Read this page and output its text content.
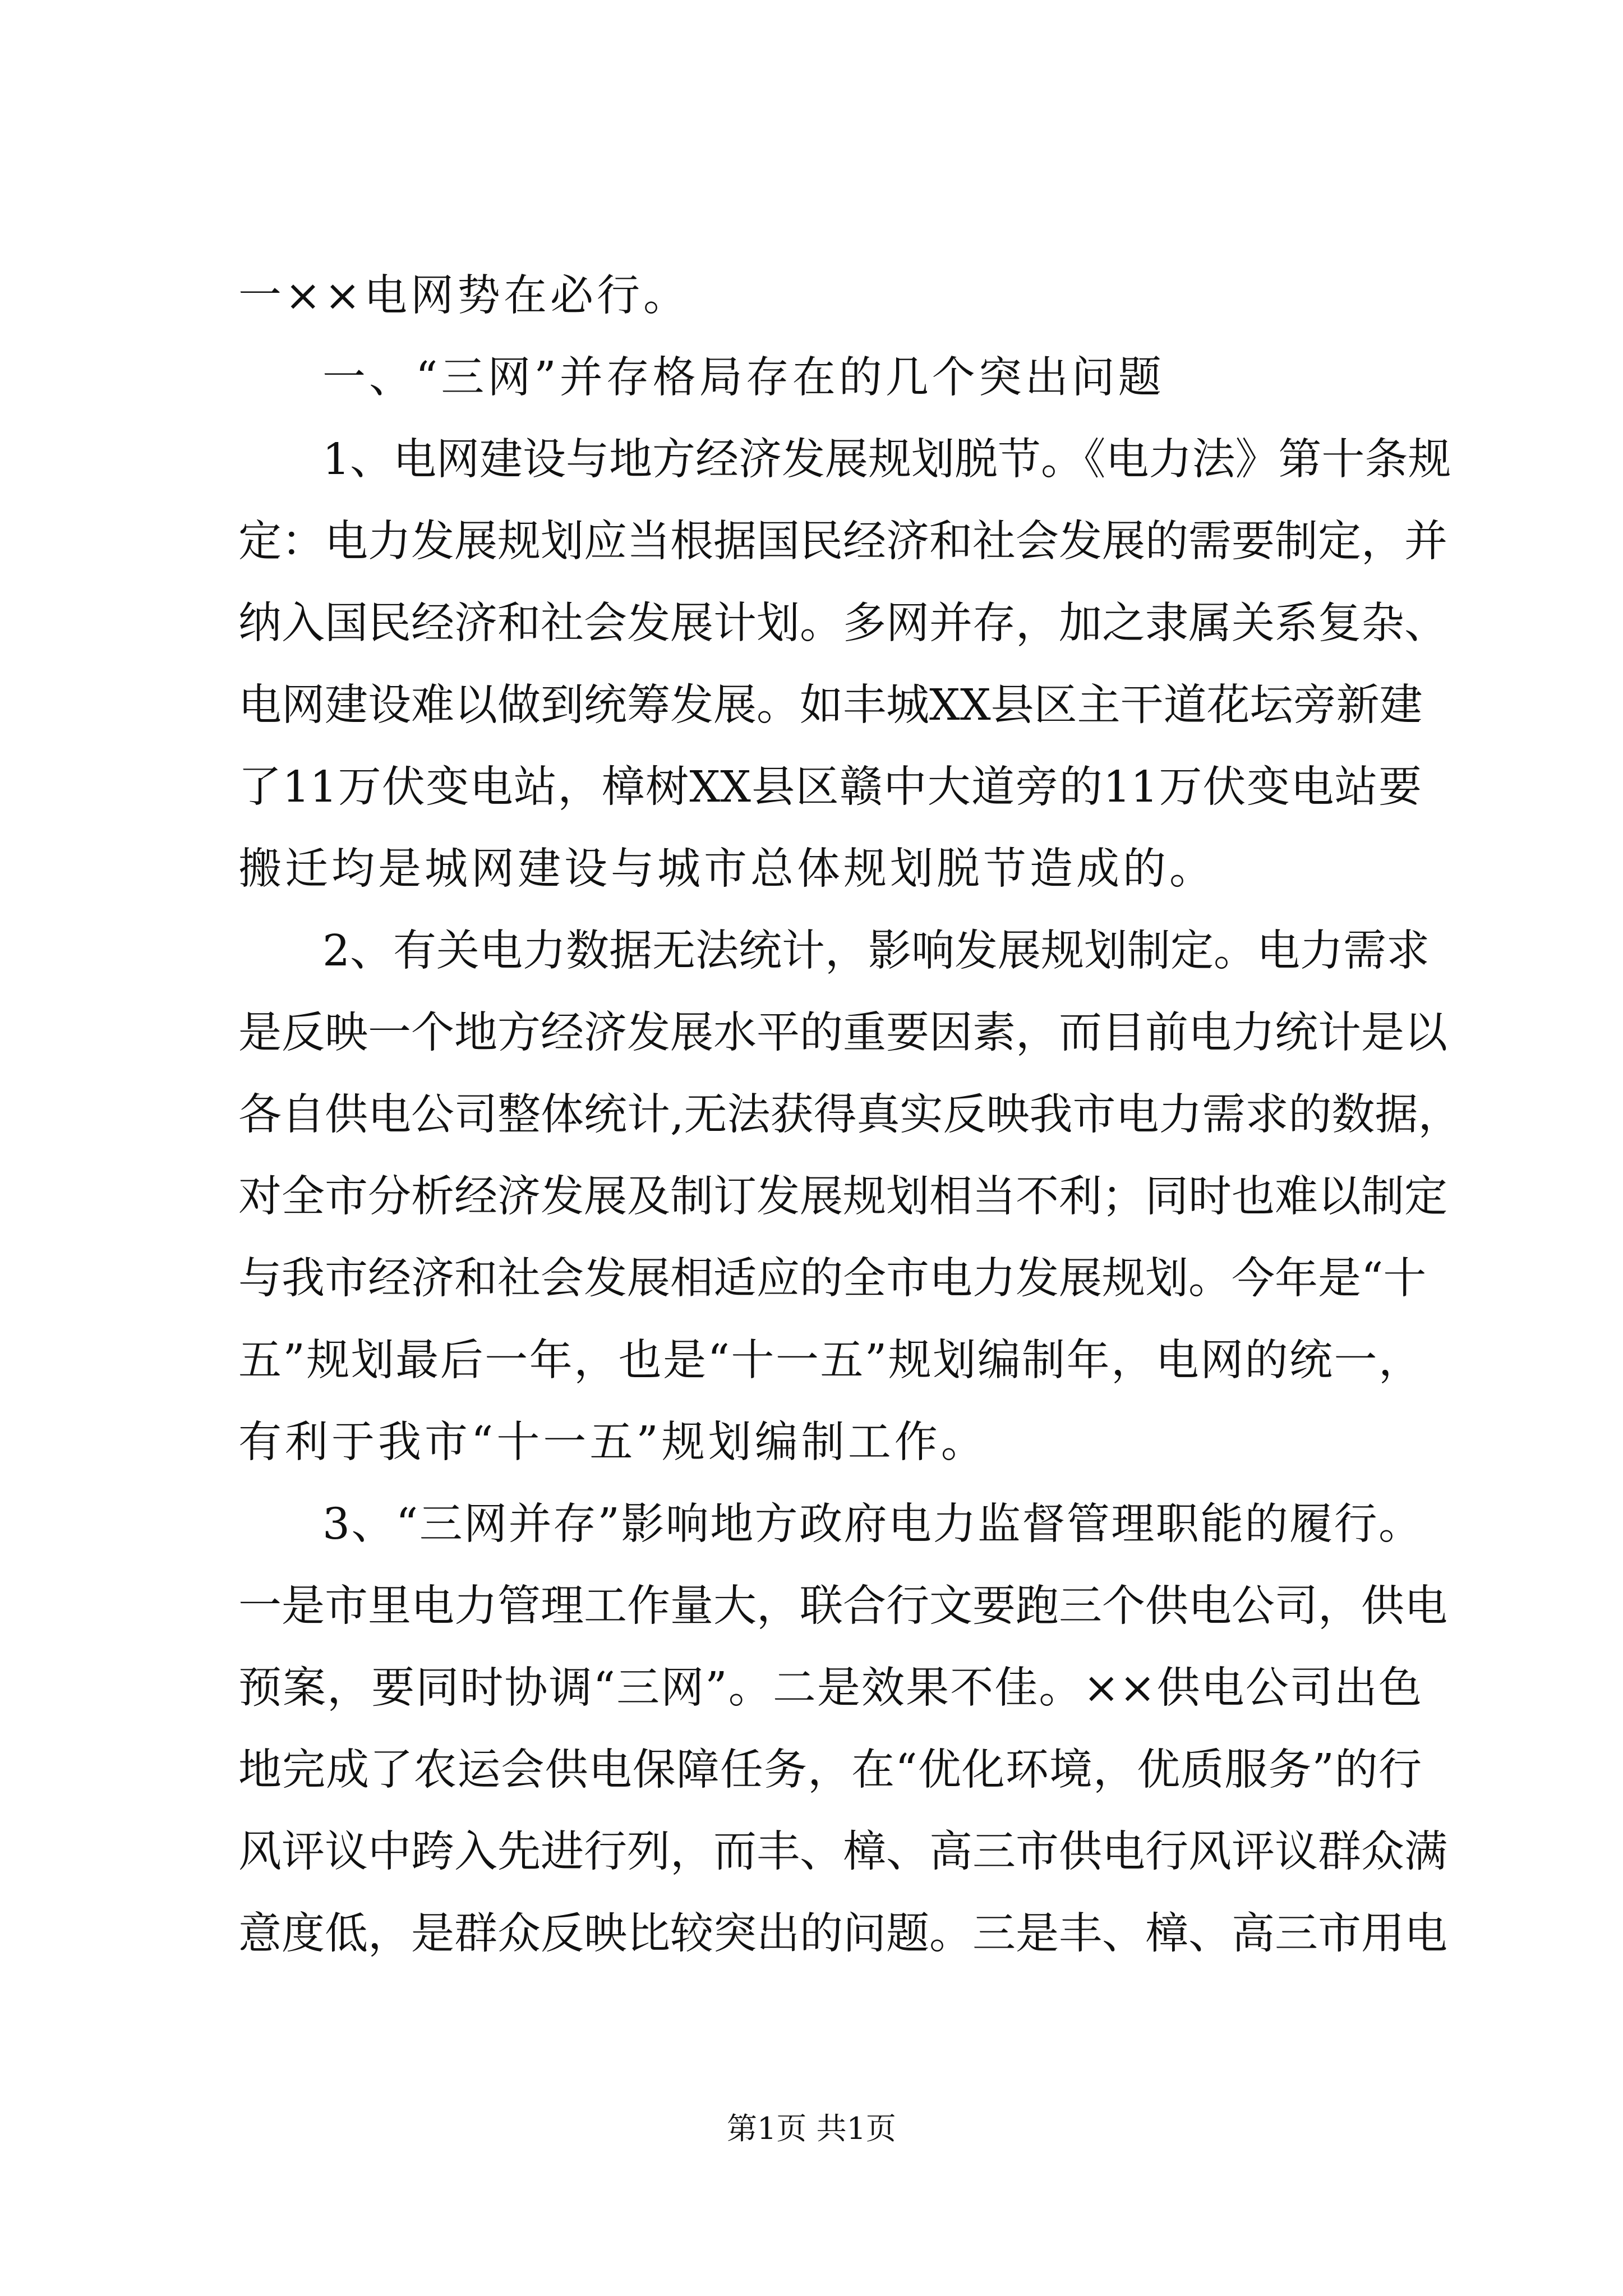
一××电网势在必行。
一、“三网”并存格局存在的几个突出问题
1、电网建设与地方经济发展规划脱节。《电力法》第十条规
定：电力发展规划应当根据国民经济和社会发展的需要制定，并
纳入国民经济和社会发展计划。多网并存，加之隶属关系复杂、
电网建设难以做到统筹发展。如丰城XX县区主干道花坛旁新建
了11万伏变电站，樟树XX县区赣中大道旁的11万伏变电站要
搬迁均是城网建设与城市总体规划脱节造成的。
2、有关电力数据无法统计，影响发展规划制定。电力需求
是反映一个地方经济发展水平的重要因素，而目前电力统计是以
各自供电公司整体统计,无法获得真实反映我市电力需求的数据，
对全市分析经济发展及制订发展规划相当不利；同时也难以制定
与我市经济和社会发展相适应的全市电力发展规划。今年是“十
五”规划最后一年，也是“十一五”规划编制年，电网的统一，
有利于我市“十一五”规划编制工作。
3、“三网并存”影响地方政府电力监督管理职能的履行。
一是市里电力管理工作量大，联合行文要跑三个供电公司，供电
预案，要同时协调“三网”。二是效果不佳。××供电公司出色
地完成了农运会供电保障任务，在“优化环境，优质服务”的行
风评议中跨入先进行列，而丰、樟、高三市供电行风评议群众满
意度低，是群众反映比较突出的问题。三是丰、樟、高三市用电
第1页 共1页
